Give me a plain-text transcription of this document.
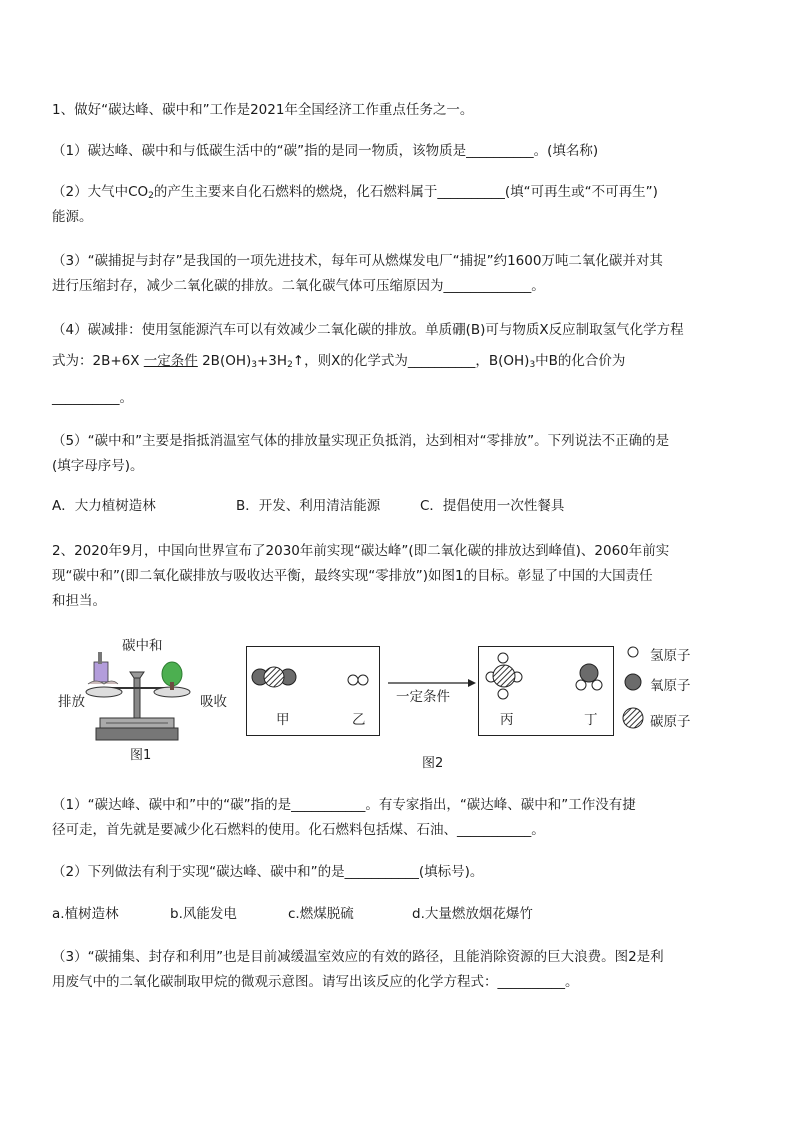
1、做好“碳达峰、碳中和”工作是2021年全国经济工作重点任务之一。
（1）碳达峰、碳中和与低碳生活中的“碳”指的是同一物质，该物质是__________。(填名称)
（2）大气中$CO_2$的产生主要来自化石燃料的燃烧，化石燃料属于__________(填“可再生或“不可再生”)
能源。
（3）“碳捕捉与封存”是我国的一项先进技术，每年可从燃煤发电厂“捕捉”约1600万吨二氧化碳并对其
进行压缩封存，减少二氧化碳的排放。二氧化碳气体可压缩原因为_____________。
（4）碳减排：使用氢能源汽车可以有效减少二氧化碳的排放。单质硼(B)可与物质X反应制取氢气化学方程
式为：2B+6X 一定条件 $2B(OH)_3+3H_2↑$，则X的化学式为__________，$B(OH)_3$中B的化合价为
__________。
（5）“碳中和”主要是指抵消温室气体的排放量实现正负抵消，达到相对“零排放”。下列说法不正确的是
(填字母序号)。
A．大力植树造林	B．开发、利用清洁能源	C．提倡使用一次性餐具
2、2020年9月，中国向世界宣布了2030年前实现“碳达峰”(即二氧化碳的排放达到峰值)、2060年前实
现“碳中和”(即二氧化碳排放与吸收达平衡，最终实现“零排放”)如图1的目标。彰显了中国的大国责任
和担当。
碳中和
排放	吸收
图1
甲	乙
一定条件
丙	丁
氢原子
氧原子
碳原子
图2
（1）“碳达峰、碳中和”中的“碳”指的是___________。有专家指出，“碳达峰、碳中和”工作没有捷
径可走，首先就是要减少化石燃料的使用。化石燃料包括煤、石油、___________。
（2）下列做法有利于实现“碳达峰、碳中和”的是___________(填标号)。
a.植树造林	b.风能发电	c.燃煤脱硫	d.大量燃放烟花爆竹
（3）“碳捕集、封存和利用”也是目前减缓温室效应的有效的路径，且能消除资源的巨大浪费。图2是利
用废气中的二氧化碳制取甲烷的微观示意图。请写出该反应的化学方程式：__________。
